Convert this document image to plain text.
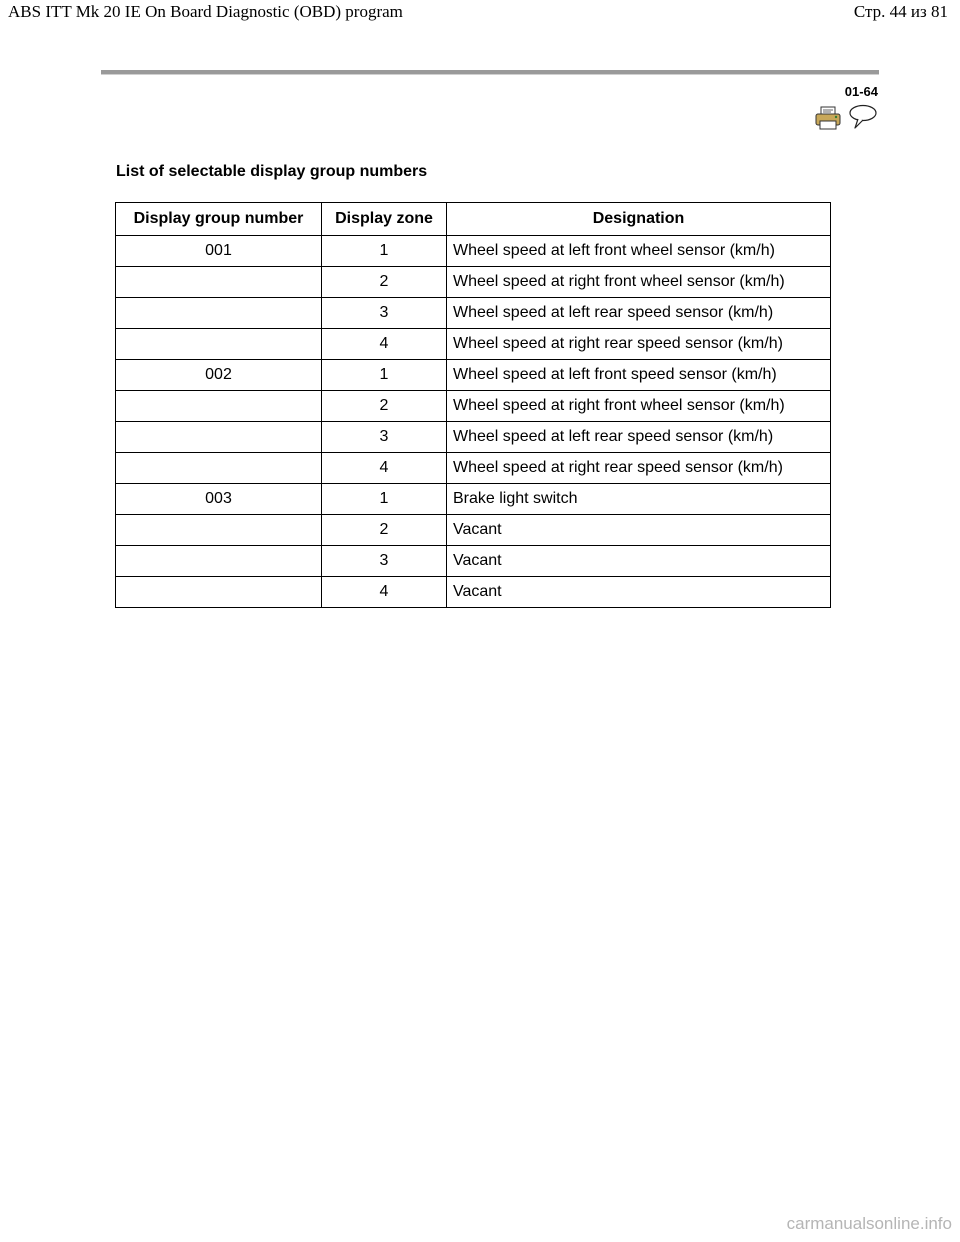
ABS ITT Mk 20 IE On Board Diagnostic (OBD) program	Стр. 44 из 81
01-64
List of selectable display group numbers
Display group number	Display zone	Designation
001	1	Wheel speed at left front wheel sensor (km/h)
	2	Wheel speed at right front wheel sensor (km/h)
	3	Wheel speed at left rear speed sensor (km/h)
	4	Wheel speed at right rear speed sensor (km/h)
002	1	Wheel speed at left front speed sensor (km/h)
	2	Wheel speed at right front wheel sensor (km/h)
	3	Wheel speed at left rear speed sensor (km/h)
	4	Wheel speed at right rear speed sensor (km/h)
003	1	Brake light switch
	2	Vacant
	3	Vacant
	4	Vacant
carmanualsonline.info
